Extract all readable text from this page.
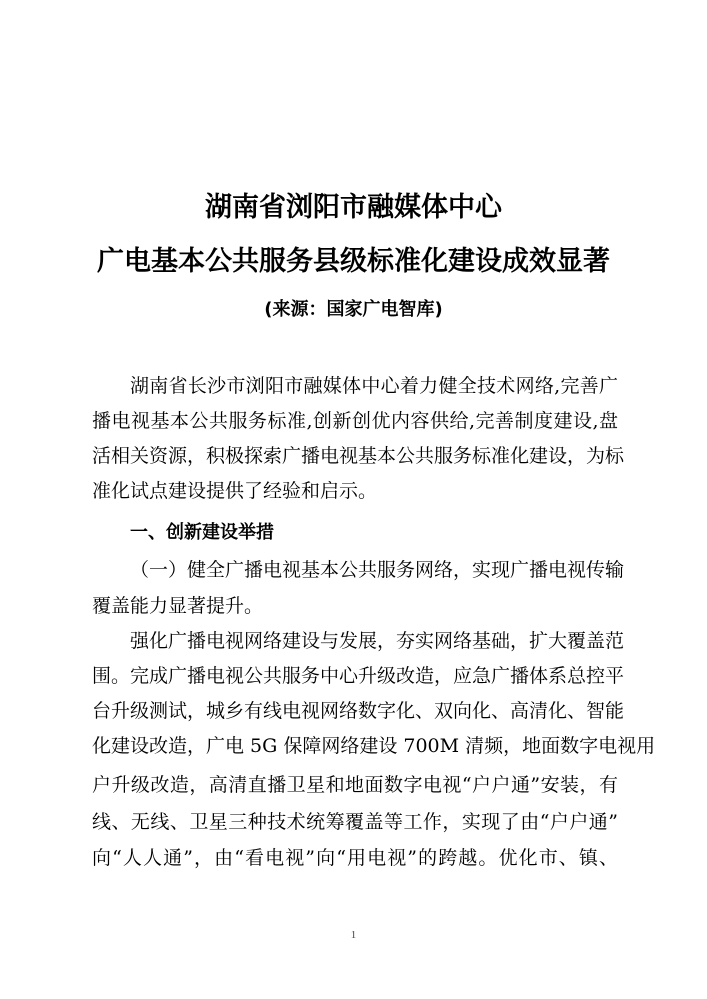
湖南省浏阳市融媒体中心
广电基本公共服务县级标准化建设成效显著
(来源：国家广电智库)
湖南省长沙市浏阳市融媒体中心着力健全技术网络,完善广
播电视基本公共服务标准,创新创优内容供给,完善制度建设,盘
活相关资源，积极探索广播电视基本公共服务标准化建设，为标
准化试点建设提供了经验和启示。
一、创新建设举措
（一）健全广播电视基本公共服务网络，实现广播电视传输
覆盖能力显著提升。
强化广播电视网络建设与发展，夯实网络基础，扩大覆盖范
围。完成广播电视公共服务中心升级改造，应急广播体系总控平
台升级测试，城乡有线电视网络数字化、双向化、高清化、智能
化建设改造，广电 5G 保障网络建设 700M 清频，地面数字电视用
户升级改造，高清直播卫星和地面数字电视“户户通”安装，有
线、无线、卫星三种技术统筹覆盖等工作，实现了由“户户通”
向“人人通”，由“看电视”向“用电视”的跨越。优化市、镇、
1
